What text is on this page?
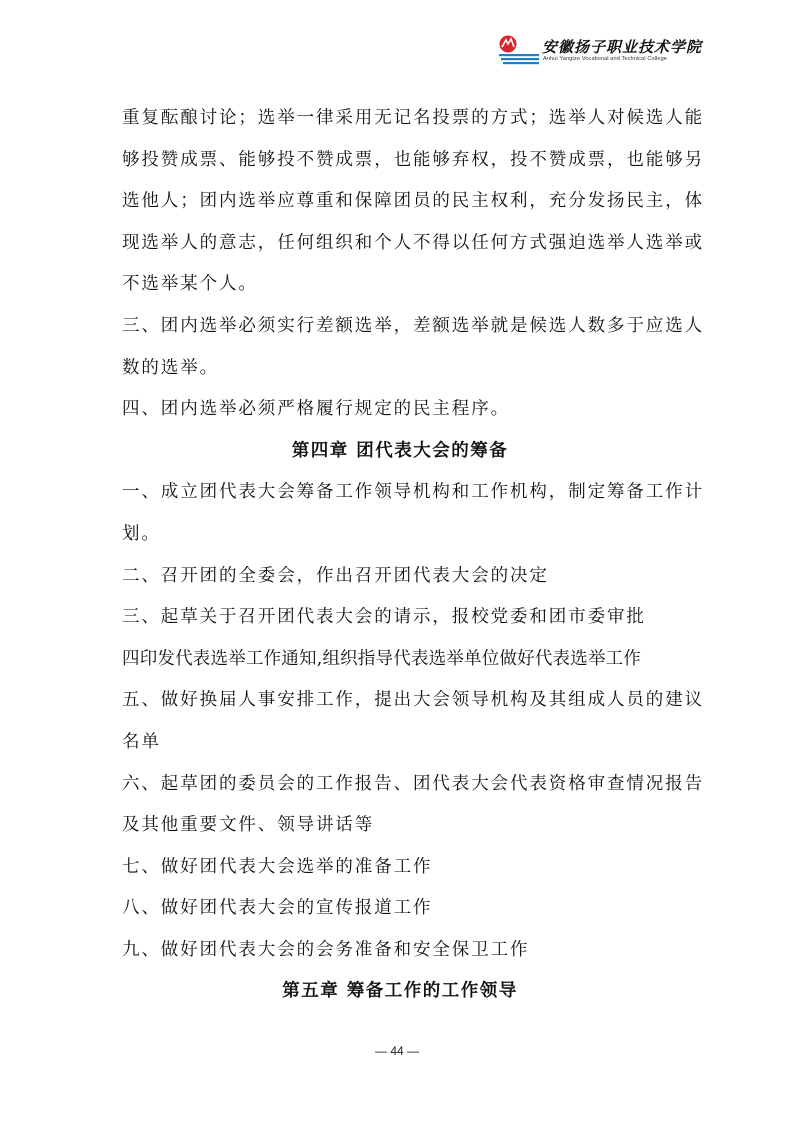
安徽扬子职业技术学院
Anhui Yangtze Vocational and Technical College
重复酝酿讨论；选举一律采用无记名投票的方式；选举人对候选人能
够投赞成票、能够投不赞成票，也能够弃权，投不赞成票，也能够另
选他人；团内选举应尊重和保障团员的民主权利，充分发扬民主，体
现选举人的意志，任何组织和个人不得以任何方式强迫选举人选举或
不选举某个人。
三、团内选举必须实行差额选举，差额选举就是候选人数多于应选人
数的选举。
四、团内选举必须严格履行规定的民主程序。
第四章 团代表大会的筹备
一、成立团代表大会筹备工作领导机构和工作机构，制定筹备工作计
划。
二、召开团的全委会，作出召开团代表大会的决定
三、起草关于召开团代表大会的请示，报校党委和团市委审批
四印发代表选举工作通知,组织指导代表选举单位做好代表选举工作
五、做好换届人事安排工作，提出大会领导机构及其组成人员的建议
名单
六、起草团的委员会的工作报告、团代表大会代表资格审查情况报告
及其他重要文件、领导讲话等
七、做好团代表大会选举的准备工作
八、做好团代表大会的宣传报道工作
九、做好团代表大会的会务准备和安全保卫工作
第五章 筹备工作的工作领导
— 44 —
